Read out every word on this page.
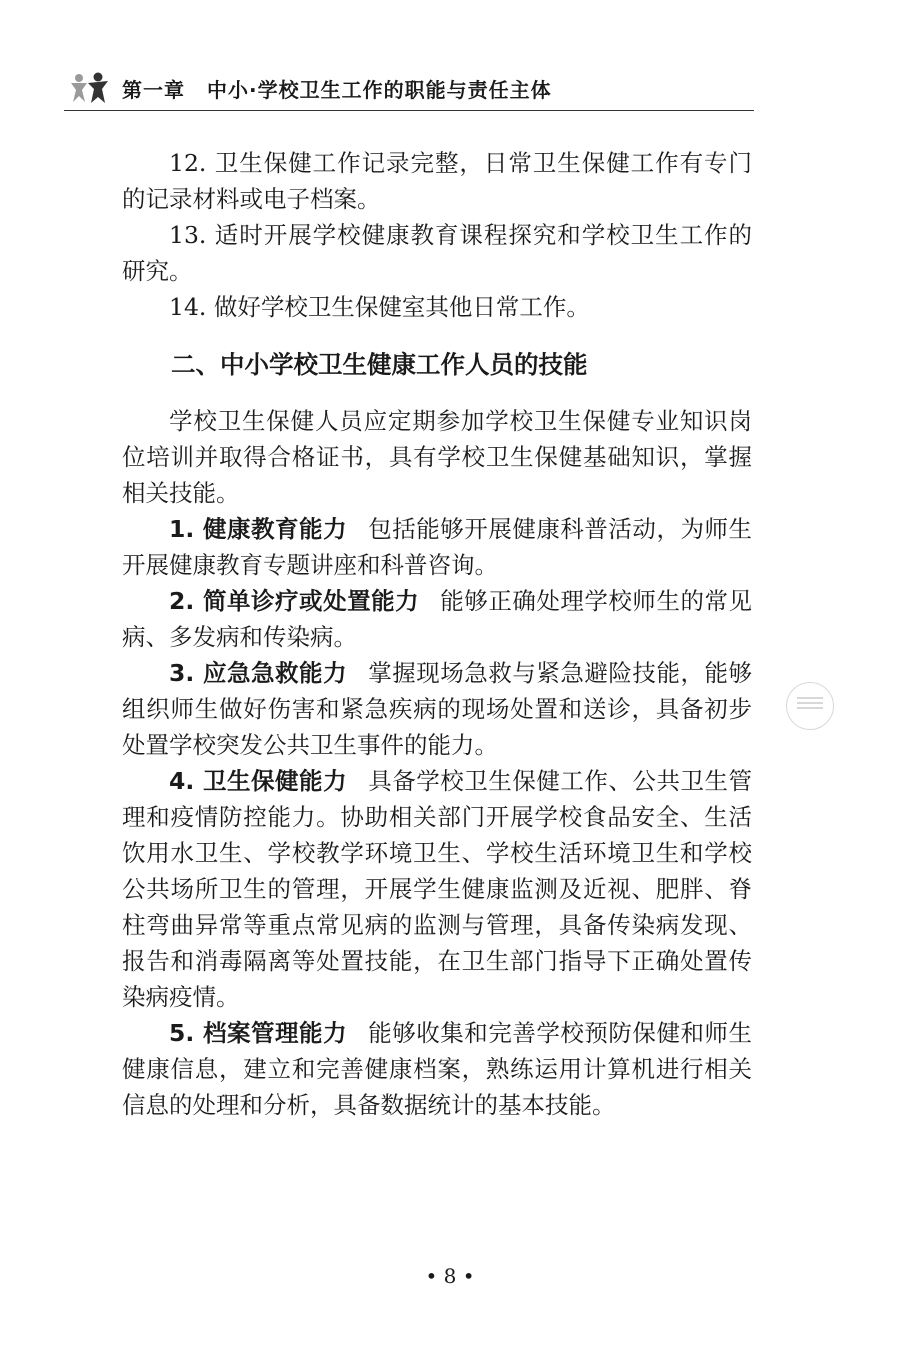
第一章 中小·学校卫生工作的职能与责任主体

12. 卫生保健工作记录完整，日常卫生保健工作有专门的记录材料或电子档案。

13. 适时开展学校健康教育课程探究和学校卫生工作的研究。

14. 做好学校卫生保健室其他日常工作。

二、中小学校卫生健康工作人员的技能

学校卫生保健人员应定期参加学校卫生保健专业知识岗位培训并取得合格证书，具有学校卫生保健基础知识，掌握相关技能。

1. 健康教育能力 包括能够开展健康科普活动，为师生开展健康教育专题讲座和科普咨询。

2. 简单诊疗或处置能力 能够正确处理学校师生的常见病、多发病和传染病。

3. 应急急救能力 掌握现场急救与紧急避险技能，能够组织师生做好伤害和紧急疾病的现场处置和送诊，具备初步处置学校突发公共卫生事件的能力。

4. 卫生保健能力 具备学校卫生保健工作、公共卫生管理和疫情防控能力。协助相关部门开展学校食品安全、生活饮用水卫生、学校教学环境卫生、学校生活环境卫生和学校公共场所卫生的管理，开展学生健康监测及近视、肥胖、脊柱弯曲异常等重点常见病的监测与管理，具备传染病发现、报告和消毒隔离等处置技能，在卫生部门指导下正确处置传染病疫情。

5. 档案管理能力 能够收集和完善学校预防保健和师生健康信息，建立和完善健康档案，熟练运用计算机进行相关信息的处理和分析，具备数据统计的基本技能。

• 8 •
